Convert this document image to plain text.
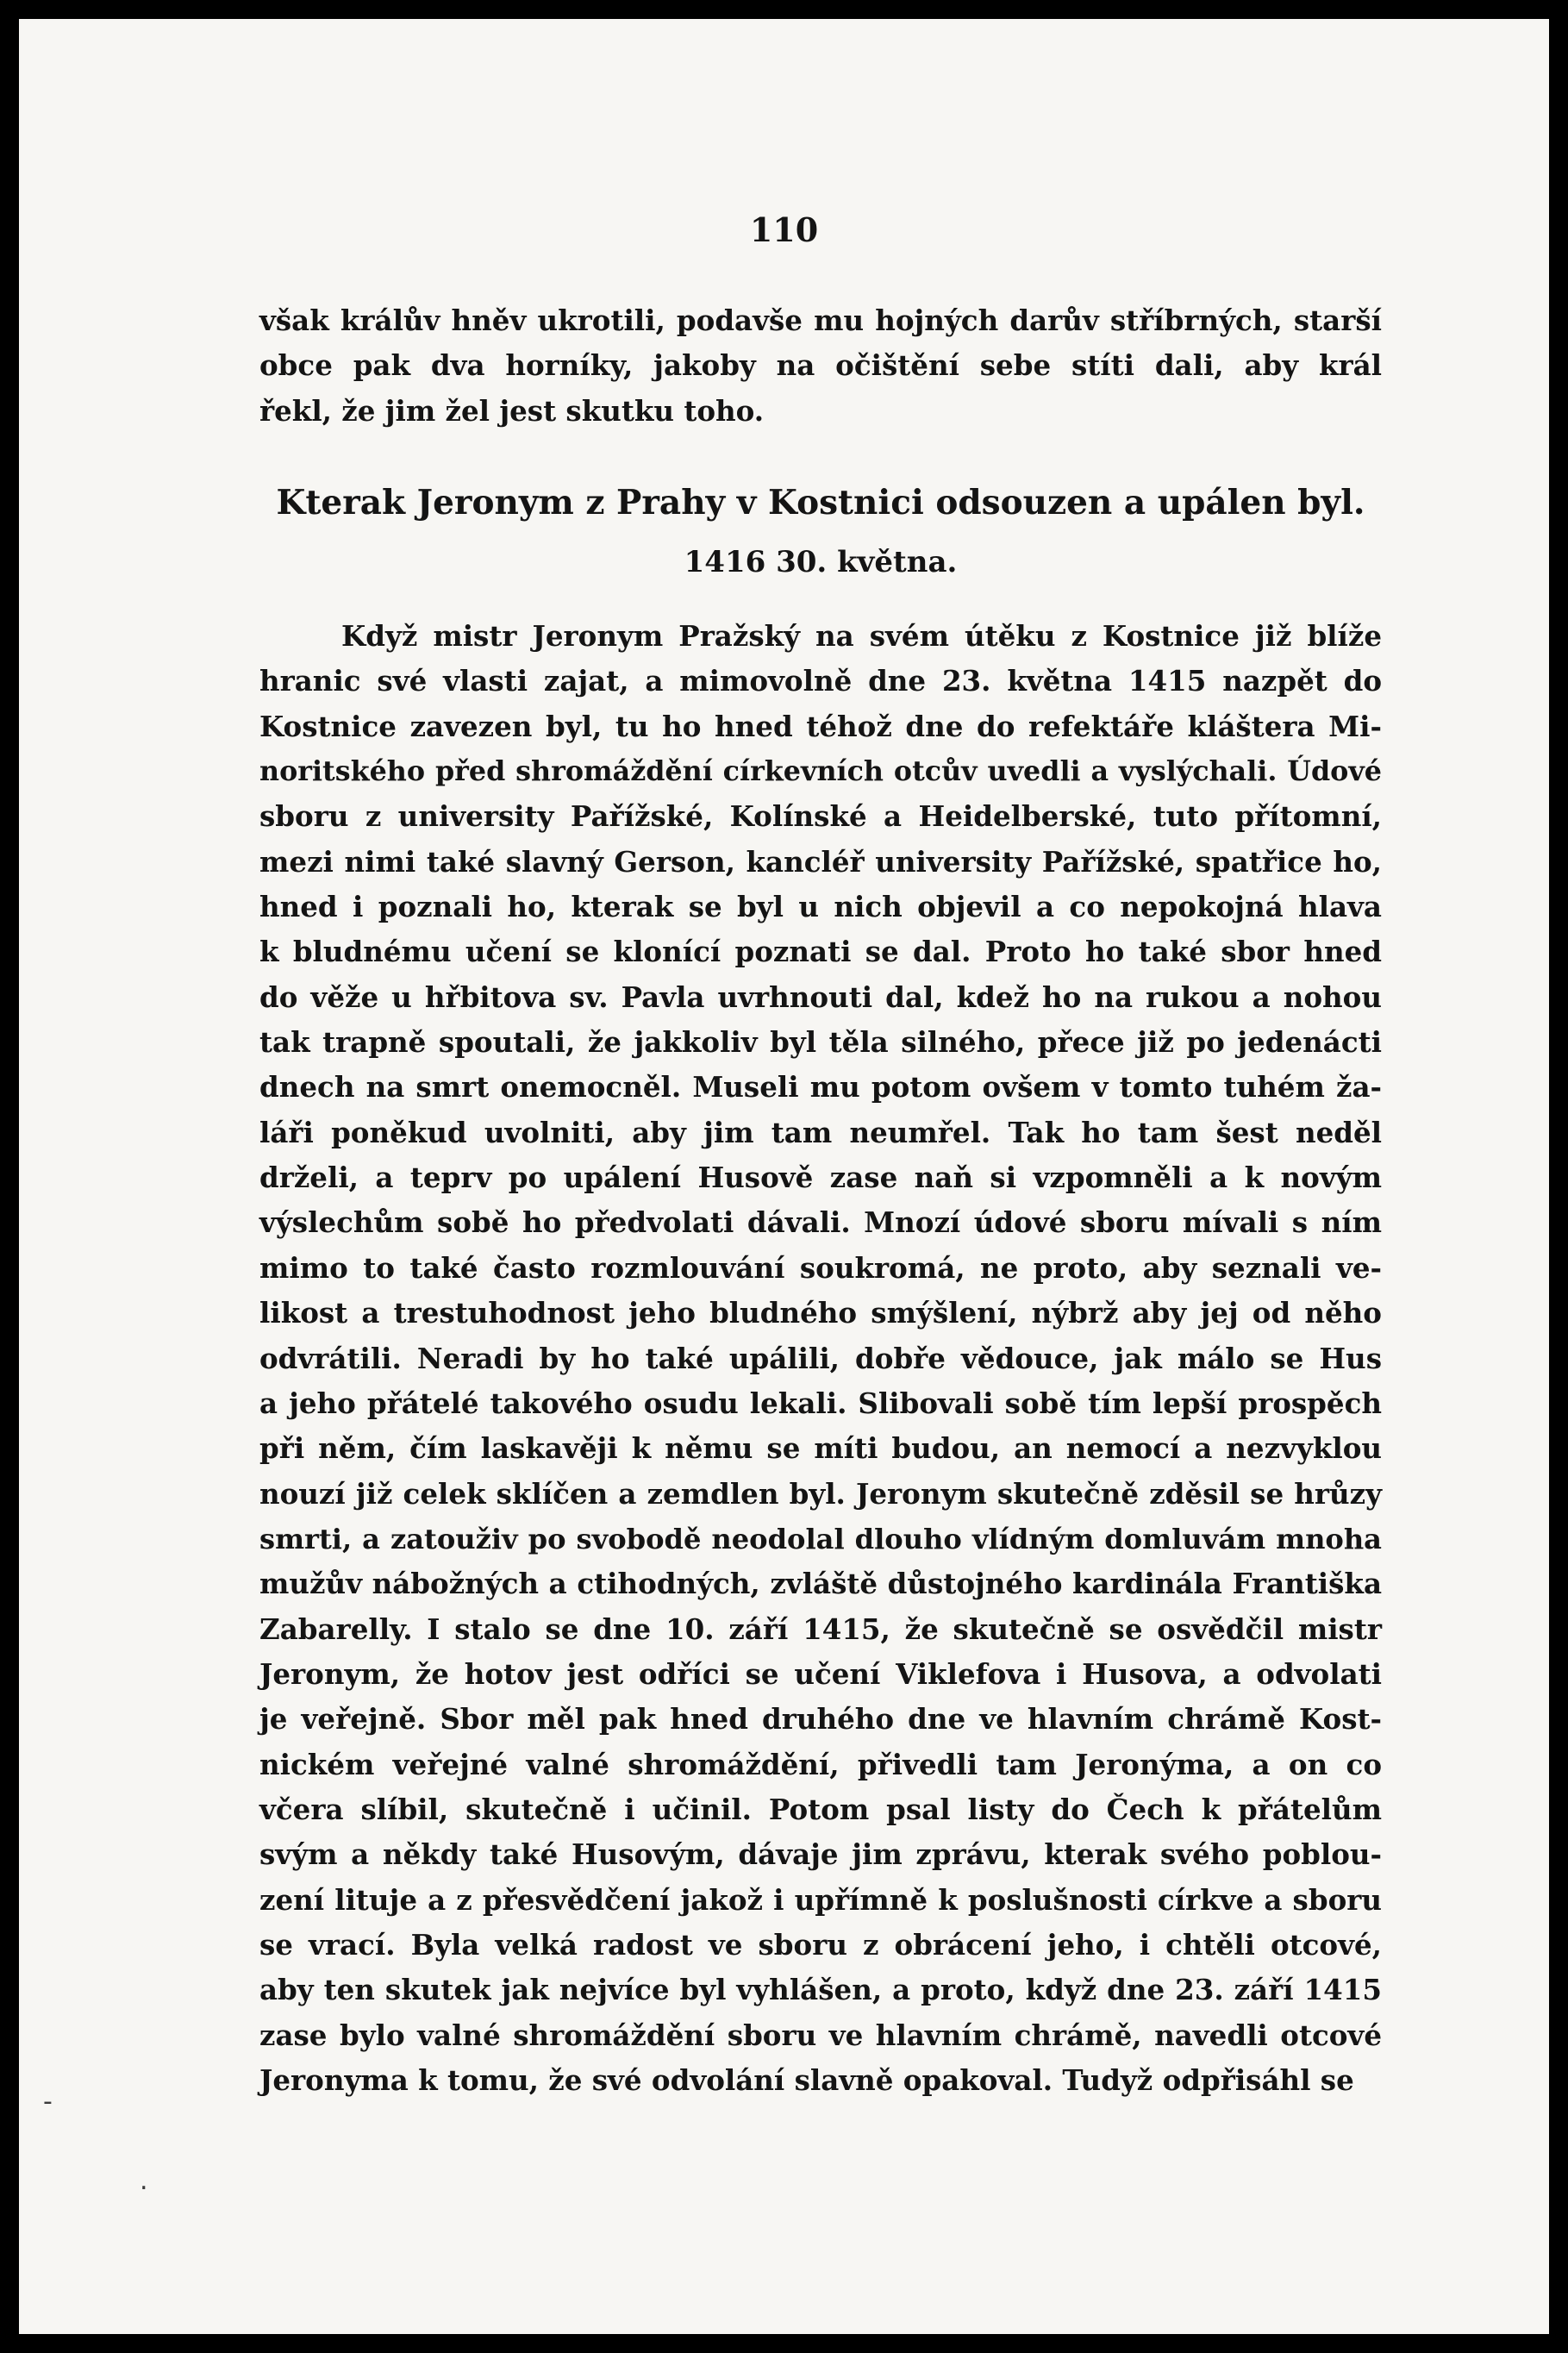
110
však králův hněv ukrotili, podavše mu hojných darův stříbrných, starší
obce pak dva horníky, jakoby na očištění sebe stíti dali, aby král
řekl, že jim žel jest skutku toho.
Kterak Jeronym z Prahy v Kostnici odsouzen a upálen byl.
1416 30. května.
Když mistr Jeronym Pražský na svém útěku z Kostnice již blíže
hranic své vlasti zajat, a mimovolně dne 23. května 1415 nazpět do
Kostnice zavezen byl, tu ho hned téhož dne do refektáře kláštera Mi-
noritského před shromáždění církevních otcův uvedli a vyslýchali. Údové
sboru z university Pařížské, Kolínské a Heidelberské, tuto přítomní,
mezi nimi také slavný Gerson, kancléř university Pařížské, spatřice ho,
hned i poznali ho, kterak se byl u nich objevil a co nepokojná hlava
k bludnému učení se klonící poznati se dal. Proto ho také sbor hned
do věže u hřbitova sv. Pavla uvrhnouti dal, kdež ho na rukou a nohou
tak trapně spoutali, že jakkoliv byl těla silného, přece již po jedenácti
dnech na smrt onemocněl. Museli mu potom ovšem v tomto tuhém ža-
láři poněkud uvolniti, aby jim tam neumřel. Tak ho tam šest neděl
drželi, a teprv po upálení Husově zase naň si vzpomněli a k novým
výslechům sobě ho předvolati dávali. Mnozí údové sboru mívali s ním
mimo to také často rozmlouvání soukromá, ne proto, aby seznali ve-
likost a trestuhodnost jeho bludného smýšlení, nýbrž aby jej od něho
odvrátili. Neradi by ho také upálili, dobře vědouce, jak málo se Hus
a jeho přátelé takového osudu lekali. Slibovali sobě tím lepší prospěch
při něm, čím laskavěji k němu se míti budou, an nemocí a nezvyklou
nouzí již celek sklíčen a zemdlen byl. Jeronym skutečně zděsil se hrůzy
smrti, a zatouživ po svobodě neodolal dlouho vlídným domluvám mnoha
mužův nábožných a ctihodných, zvláště důstojného kardinála Františka
Zabarelly. I stalo se dne 10. září 1415, že skutečně se osvědčil mistr
Jeronym, že hotov jest odříci se učení Viklefova i Husova, a odvolati
je veřejně. Sbor měl pak hned druhého dne ve hlavním chrámě Kost-
nickém veřejné valné shromáždění, přivedli tam Jeronýma, a on co
včera slíbil, skutečně i učinil. Potom psal listy do Čech k přátelům
svým a někdy také Husovým, dávaje jim zprávu, kterak svého poblou-
zení lituje a z přesvědčení jakož i upřímně k poslušnosti církve a sboru
se vrací. Byla velká radost ve sboru z obrácení jeho, i chtěli otcové,
aby ten skutek jak nejvíce byl vyhlášen, a proto, když dne 23. září 1415
zase bylo valné shromáždění sboru ve hlavním chrámě, navedli otcové
Jeronyma k tomu, že své odvolání slavně opakoval. Tudyž odpřisáhl se
-
.
